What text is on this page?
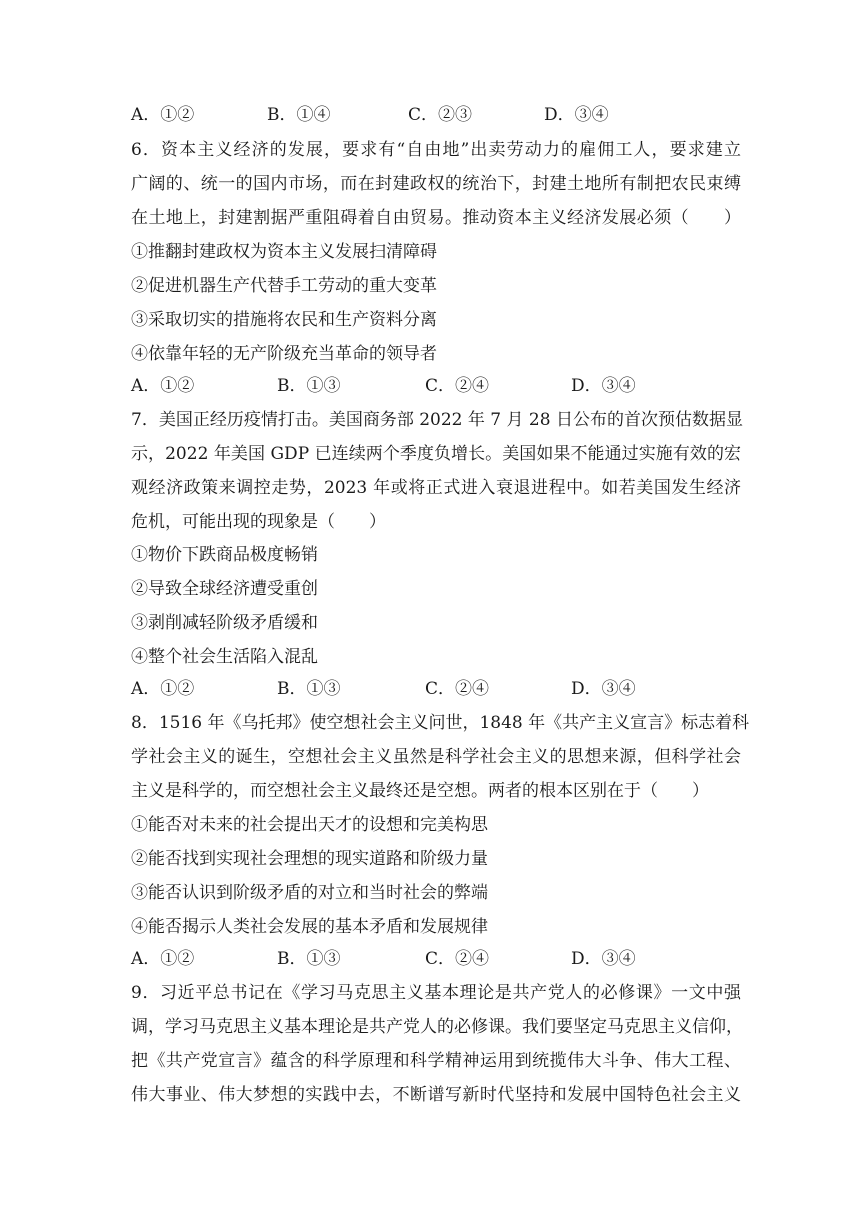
A．①②	B．①④	C．②③	D．③④
6．资本主义经济的发展，要求有“自由地”出卖劳动力的雇佣工人，要求建立
广阔的、统一的国内市场，而在封建政权的统治下，封建土地所有制把农民束缚
在土地上，封建割据严重阻碍着自由贸易。推动资本主义经济发展必须（　　）
①推翻封建政权为资本主义发展扫清障碍
②促进机器生产代替手工劳动的重大变革
③采取切实的措施将农民和生产资料分离
④依靠年轻的无产阶级充当革命的领导者
A．①②	B．①③	C．②④	D．③④
7．美国正经历疫情打击。美国商务部 2022 年 7 月 28 日公布的首次预估数据显
示，2022 年美国 GDP 已连续两个季度负增长。美国如果不能通过实施有效的宏
观经济政策来调控走势，2023 年或将正式进入衰退进程中。如若美国发生经济
危机，可能出现的现象是（　　）
①物价下跌商品极度畅销
②导致全球经济遭受重创
③剥削减轻阶级矛盾缓和
④整个社会生活陷入混乱
A．①②	B．①③	C．②④	D．③④
8．1516 年《乌托邦》使空想社会主义问世，1848 年《共产主义宣言》标志着科
学社会主义的诞生，空想社会主义虽然是科学社会主义的思想来源，但科学社会
主义是科学的，而空想社会主义最终还是空想。两者的根本区别在于（　　）
①能否对未来的社会提出天才的设想和完美构思
②能否找到实现社会理想的现实道路和阶级力量
③能否认识到阶级矛盾的对立和当时社会的弊端
④能否揭示人类社会发展的基本矛盾和发展规律
A．①②	B．①③	C．②④	D．③④
9．习近平总书记在《学习马克思主义基本理论是共产党人的必修课》一文中强
调，学习马克思主义基本理论是共产党人的必修课。我们要坚定马克思主义信仰，
把《共产党宣言》蕴含的科学原理和科学精神运用到统揽伟大斗争、伟大工程、
伟大事业、伟大梦想的实践中去，不断谱写新时代坚持和发展中国特色社会主义
